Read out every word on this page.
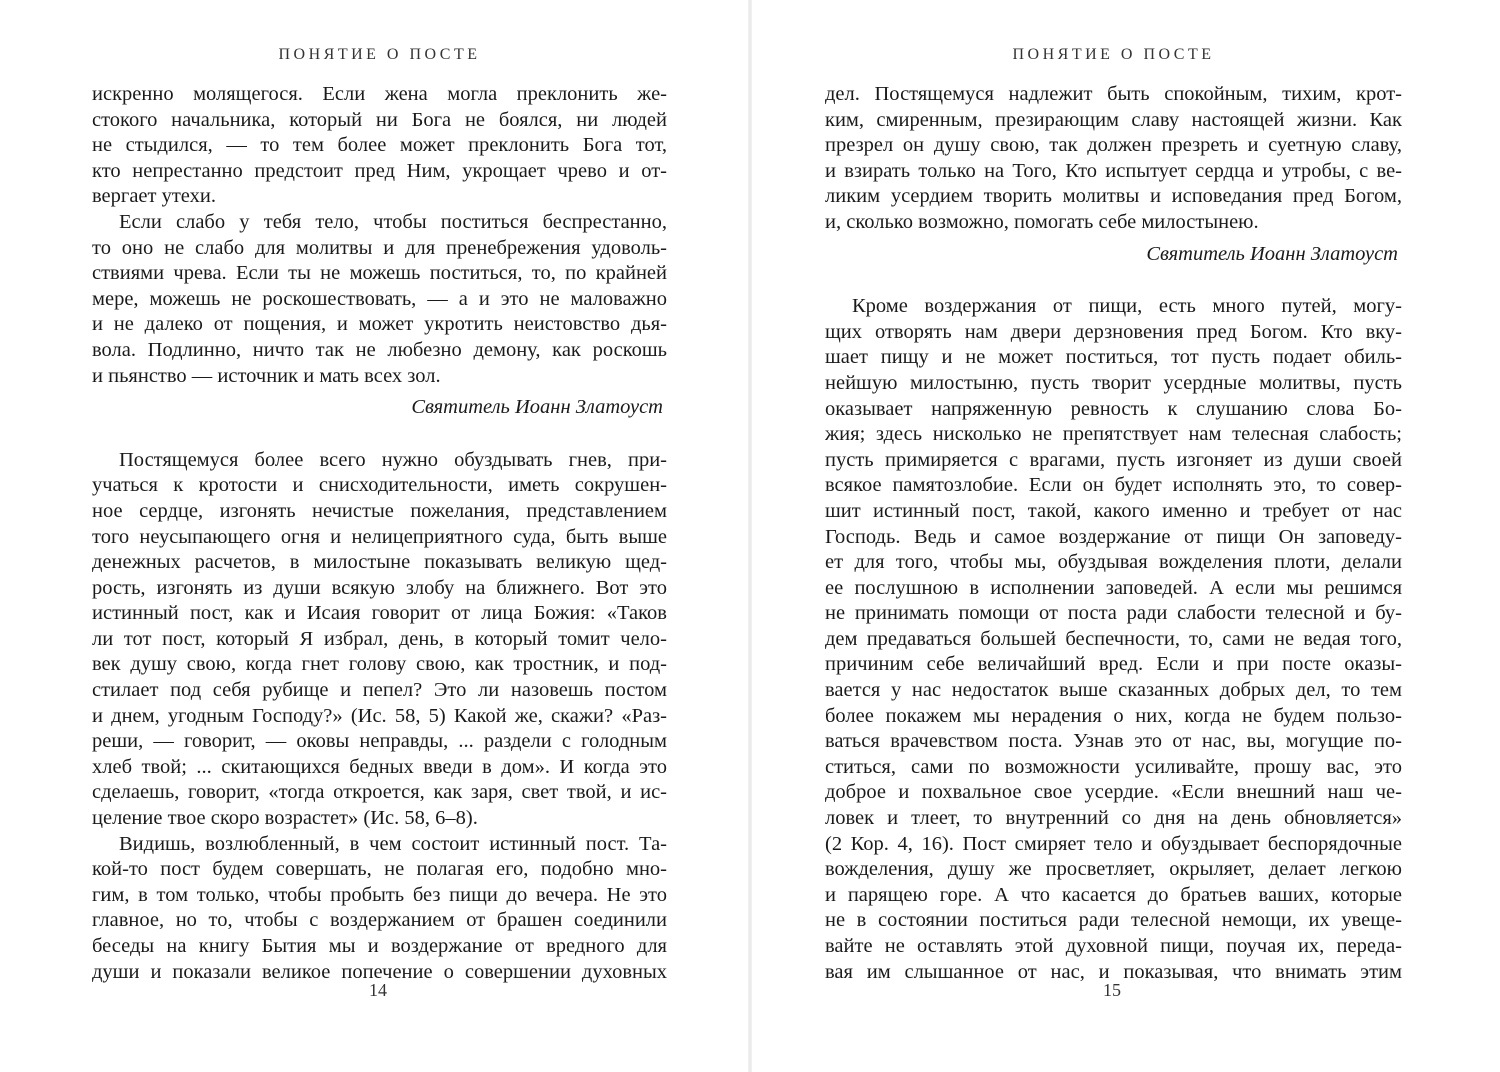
ПОНЯТИЕ О ПОСТЕ
искренно молящегося. Если жена могла преклонить же-
стокого начальника, который ни Бога не боялся, ни людей
не стыдился, — то тем более может преклонить Бога тот,
кто непрестанно предстоит пред Ним, укрощает чрево и от-
вергает утехи.
Если слабо у тебя тело, чтобы поститься беспрестанно,
то оно не слабо для молитвы и для пренебрежения удоволь-
ствиями чрева. Если ты не можешь поститься, то, по крайней
мере, можешь не роскошествовать, — а и это не маловажно
и не далеко от пощения, и может укротить неистовство дья-
вола. Подлинно, ничто так не любезно демону, как роскошь
и пьянство — источник и мать всех зол.
Святитель Иоанн Златоуст
Постящемуся более всего нужно обуздывать гнев, при-
учаться к кротости и снисходительности, иметь сокрушен-
ное сердце, изгонять нечистые пожелания, представлением
того неусыпающего огня и нелицеприятного суда, быть выше
денежных расчетов, в милостыне показывать великую щед-
рость, изгонять из души всякую злобу на ближнего. Вот это
истинный пост, как и Исаия говорит от лица Божия: «Таков
ли тот пост, который Я избрал, день, в который томит чело-
век душу свою, когда гнет голову свою, как тростник, и под-
стилает под себя рубище и пепел? Это ли назовешь постом
и днем, угодным Господу?» (Ис. 58, 5) Какой же, скажи? «Раз-
реши, — говорит, — оковы неправды, ... раздели с голодным
хлеб твой; ... скитающихся бедных введи в дом». И когда это
сделаешь, говорит, «тогда откроется, как заря, свет твой, и ис-
целение твое скоро возрастет» (Ис. 58, 6–8).
Видишь, возлюбленный, в чем состоит истинный пост. Та-
кой-то пост будем совершать, не полагая его, подобно мно-
гим, в том только, чтобы пробыть без пищи до вечера. Не это
главное, но то, чтобы с воздержанием от брашен соединили
беседы на книгу Бытия мы и воздержание от вредного для
души и показали великое попечение о совершении духовных
14
ПОНЯТИЕ О ПОСТЕ
дел. Постящемуся надлежит быть спокойным, тихим, крот-
ким, смиренным, презирающим славу настоящей жизни. Как
презрел он душу свою, так должен презреть и суетную славу,
и взирать только на Того, Кто испытует сердца и утробы, с ве-
ликим усердием творить молитвы и исповедания пред Богом,
и, сколько возможно, помогать себе милостынею.
Святитель Иоанн Златоуст
Кроме воздержания от пищи, есть много путей, могу-
щих отворять нам двери дерзновения пред Богом. Кто вку-
шает пищу и не может поститься, тот пусть подает обиль-
нейшую милостыню, пусть творит усердные молитвы, пусть
оказывает напряженную ревность к слушанию слова Бо-
жия; здесь нисколько не препятствует нам телесная слабость;
пусть примиряется с врагами, пусть изгоняет из души своей
всякое памятозлобие. Если он будет исполнять это, то совер-
шит истинный пост, такой, какого именно и требует от нас
Господь. Ведь и самое воздержание от пищи Он заповеду-
ет для того, чтобы мы, обуздывая вожделения плоти, делали
ее послушною в исполнении заповедей. А если мы решимся
не принимать помощи от поста ради слабости телесной и бу-
дем предаваться большей беспечности, то, сами не ведая того,
причиним себе величайший вред. Если и при посте оказы-
вается у нас недостаток выше сказанных добрых дел, то тем
более покажем мы нерадения о них, когда не будем пользо-
ваться врачевством поста. Узнав это от нас, вы, могущие по-
ститься, сами по возможности усиливайте, прошу вас, это
доброе и похвальное свое усердие. «Если внешний наш че-
ловек и тлеет, то внутренний со дня на день обновляется»
(2 Кор. 4, 16). Пост смиряет тело и обуздывает беспорядочные
вожделения, душу же просветляет, окрыляет, делает легкою
и парящею горе. А что касается до братьев ваших, которые
не в состоянии поститься ради телесной немощи, их увеще-
вайте не оставлять этой духовной пищи, поучая их, переда-
вая им слышанное от нас, и показывая, что внимать этим
15
